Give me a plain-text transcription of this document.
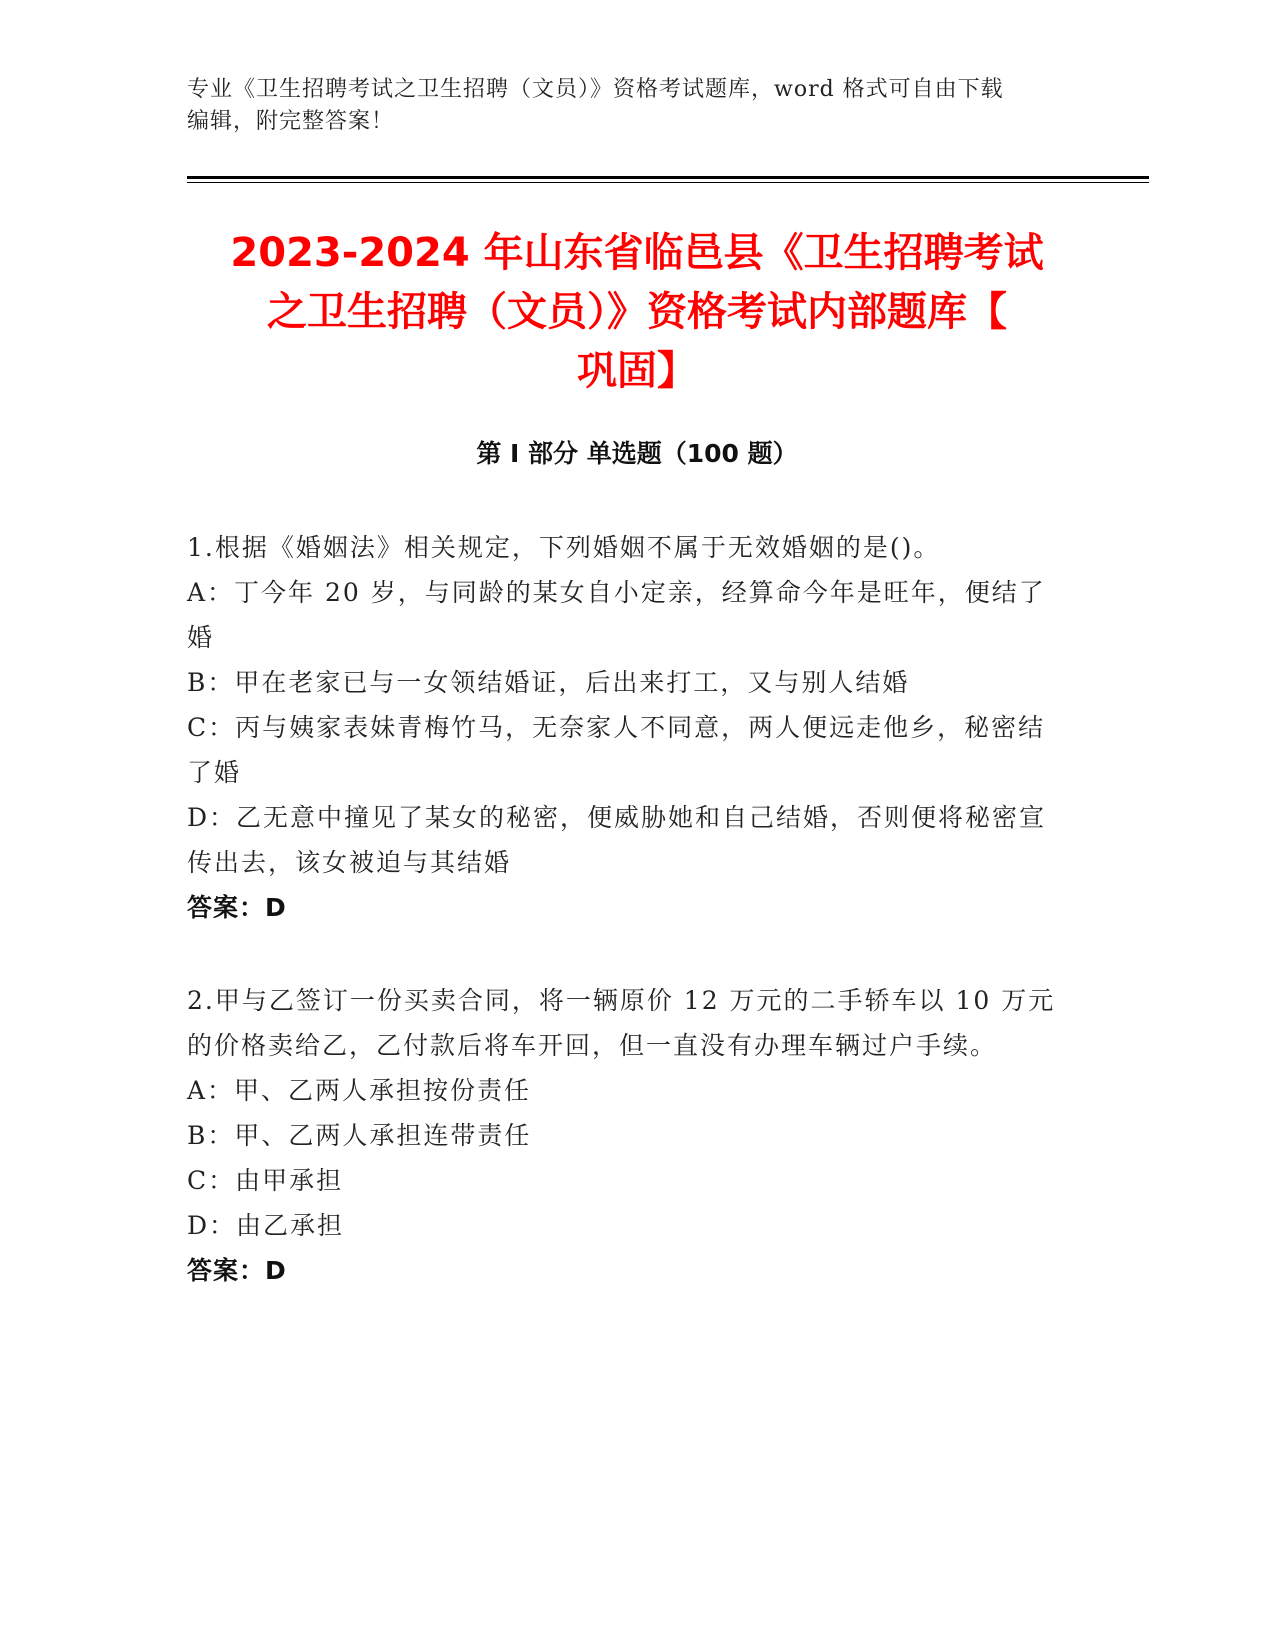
专业《卫生招聘考试之卫生招聘（文员）》资格考试题库，word 格式可自由下载
编辑，附完整答案！
2023-2024 年山东省临邑县《卫生招聘考试
之卫生招聘（文员）》资格考试内部题库【
巩固】
第 I 部分 单选题（100 题）

1.根据《婚姻法》相关规定，下列婚姻不属于无效婚姻的是()。

A：丁今年 20 岁，与同龄的某女自小定亲，经算命今年是旺年，便结了婚

B：甲在老家已与一女领结婚证，后出来打工，又与别人结婚

C：丙与姨家表妹青梅竹马，无奈家人不同意，两人便远走他乡，秘密结了婚

D：乙无意中撞见了某女的秘密，便威胁她和自己结婚，否则便将秘密宣传出去，该女被迫与其结婚

答案：D

2.甲与乙签订一份买卖合同，将一辆原价 12 万元的二手轿车以 10 万元的价格卖给乙，乙付款后将车开回，但一直没有办理车辆过户手续。

A：甲、乙两人承担按份责任

B：甲、乙两人承担连带责任

C：由甲承担

D：由乙承担

答案：D
